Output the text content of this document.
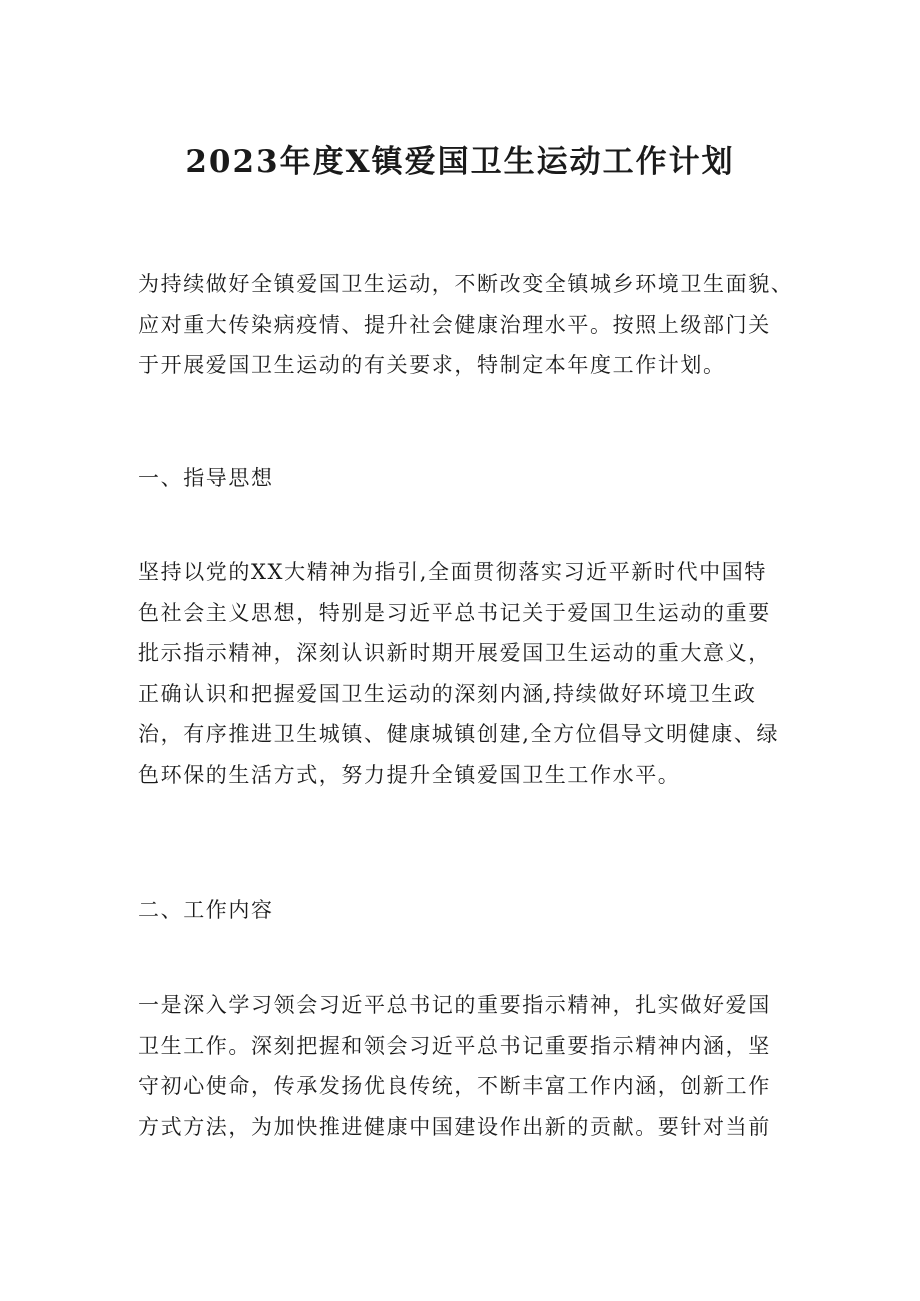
2023年度X镇爱国卫生运动工作计划
为持续做好全镇爱国卫生运动，不断改变全镇城乡环境卫生面貌、
应对重大传染病疫情、提升社会健康治理水平。按照上级部门关
于开展爱国卫生运动的有关要求，特制定本年度工作计划。
一、指导思想
坚持以党的XX大精神为指引,全面贯彻落实习近平新时代中国特
色社会主义思想，特别是习近平总书记关于爱国卫生运动的重要
批示指示精神，深刻认识新时期开展爱国卫生运动的重大意义，
正确认识和把握爱国卫生运动的深刻内涵,持续做好环境卫生政
治，有序推进卫生城镇、健康城镇创建,全方位倡导文明健康、绿
色环保的生活方式，努力提升全镇爱国卫生工作水平。
二、工作内容
一是深入学习领会习近平总书记的重要指示精神，扎实做好爱国
卫生工作。深刻把握和领会习近平总书记重要指示精神内涵，坚
守初心使命，传承发扬优良传统，不断丰富工作内涵，创新工作
方式方法，为加快推进健康中国建设作出新的贡献。要针对当前
